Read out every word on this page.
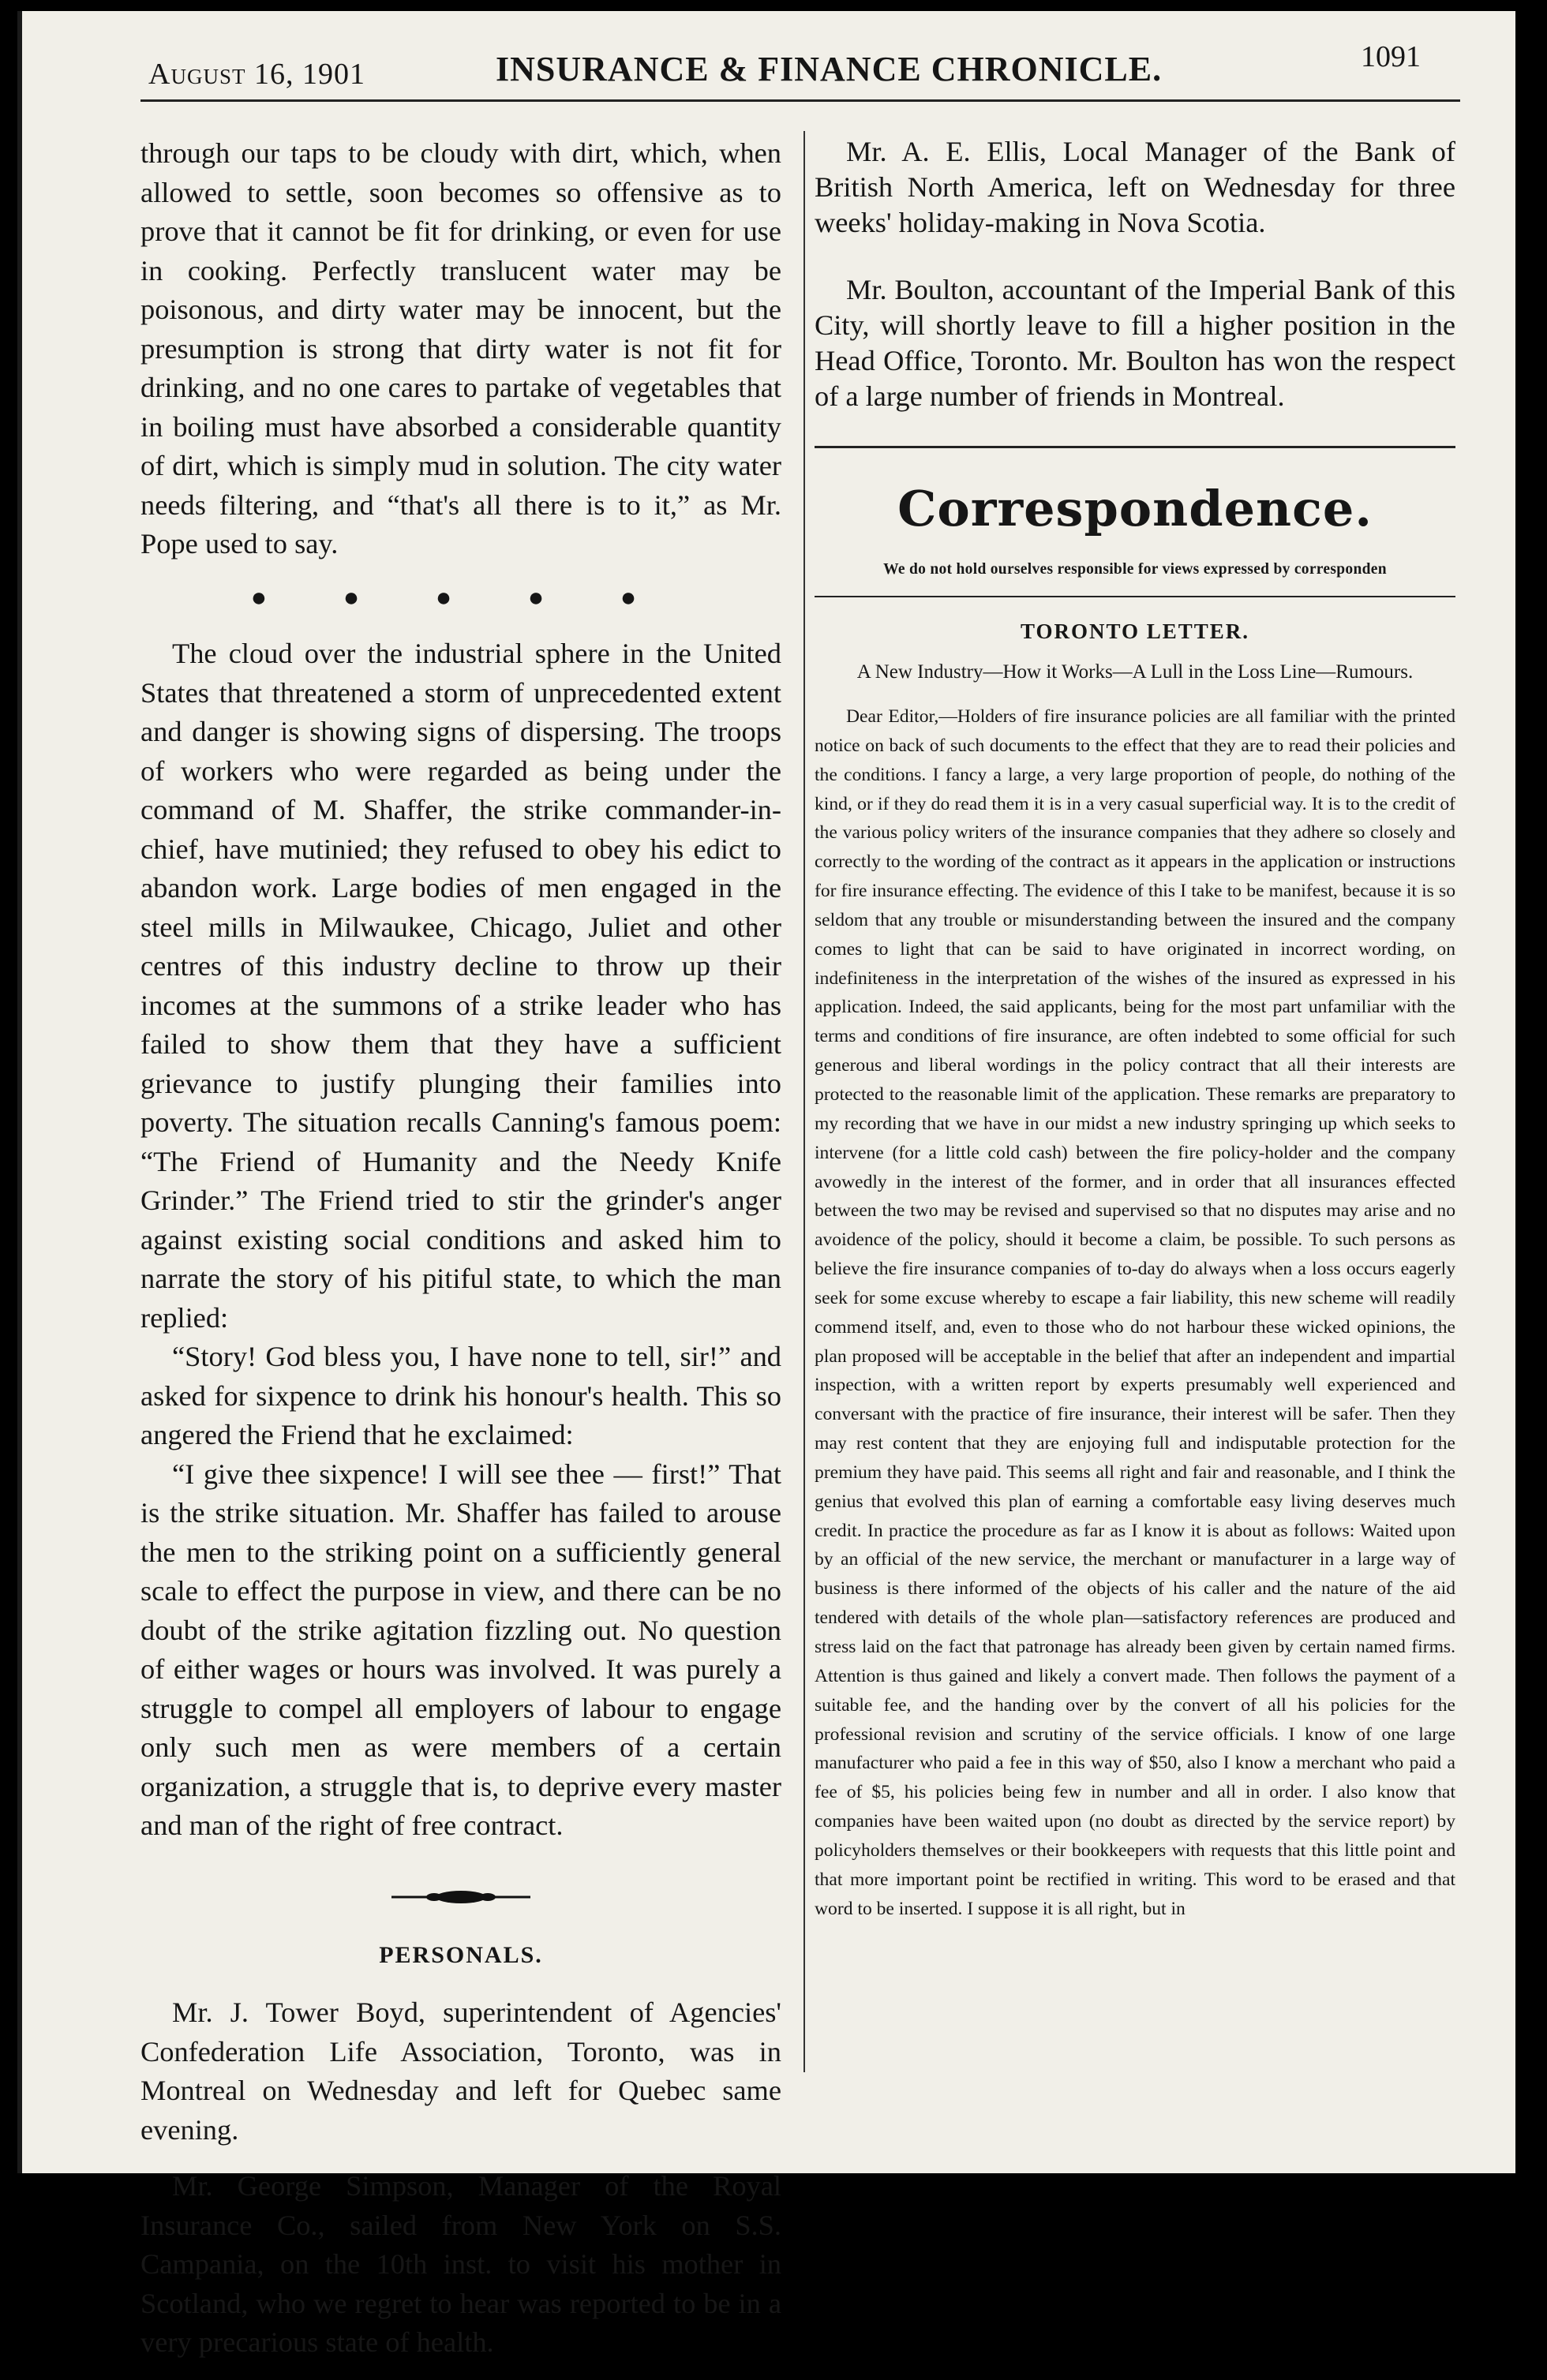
August 16, 1901	INSURANCE & FINANCE CHRONICLE.	1091

through our taps to be cloudy with dirt, which, when allowed to settle, soon becomes so offensive as to prove that it cannot be fit for drinking, or even for use in cooking. Perfectly translucent water may be poisonous, and dirty water may be innocent, but the presumption is strong that dirty water is not fit for drinking, and no one cares to partake of vegetables that in boiling must have absorbed a considerable quantity of dirt, which is simply mud in solution. The city water needs filtering, and “that's all there is to it,” as Mr. Pope used to say.

● ● ● ● ●

The cloud over the industrial sphere in the United States that threatened a storm of unprecedented extent and danger is showing signs of dispersing. The troops of workers who were regarded as being under the command of M. Shaffer, the strike commander-in-chief, have mutinied; they refused to obey his edict to abandon work. Large bodies of men engaged in the steel mills in Milwaukee, Chicago, Juliet and other centres of this industry decline to throw up their incomes at the summons of a strike leader who has failed to show them that they have a sufficient grievance to justify plunging their families into poverty. The situation recalls Canning's famous poem: “The Friend of Humanity and the Needy Knife Grinder.” The Friend tried to stir the grinder's anger against existing social conditions and asked him to narrate the story of his pitiful state, to which the man replied:

“Story! God bless you, I have none to tell, sir!” and asked for sixpence to drink his honour's health. This so angered the Friend that he exclaimed:

“I give thee sixpence! I will see thee — first!” That is the strike situation. Mr. Shaffer has failed to arouse the men to the striking point on a sufficiently general scale to effect the purpose in view, and there can be no doubt of the strike agitation fizzling out. No question of either wages or hours was involved. It was purely a struggle to compel all employers of labour to engage only such men as were members of a certain organization, a struggle that is, to deprive every master and man of the right of free contract.

PERSONALS.

Mr. J. Tower Boyd, superintendent of Agencies' Confederation Life Association, Toronto, was in Montreal on Wednesday and left for Quebec same evening.

Mr. George Simpson, Manager of the Royal Insurance Co., sailed from New York on S.S. Campania, on the 10th inst. to visit his mother in Scotland, who we regret to hear was reported to be in a very precarious state of health.

Mr. A. E. Ellis, Local Manager of the Bank of British North America, left on Wednesday for three weeks' holiday-making in Nova Scotia.

Mr. Boulton, accountant of the Imperial Bank of this City, will shortly leave to fill a higher position in the Head Office, Toronto. Mr. Boulton has won the respect of a large number of friends in Montreal.

Correspondence.
We do not hold ourselves responsible for views expressed by corresponden
TORONTO LETTER.
A New Industry—How it Works—A Lull in the Loss Line—Rumours.

Dear Editor,—Holders of fire insurance policies are all familiar with the printed notice on back of such documents to the effect that they are to read their policies and the conditions. I fancy a large, a very large proportion of people, do nothing of the kind, or if they do read them it is in a very casual superficial way. It is to the credit of the various policy writers of the insurance companies that they adhere so closely and correctly to the wording of the contract as it appears in the application or instructions for fire insurance effecting. The evidence of this I take to be manifest, because it is so seldom that any trouble or misunderstanding between the insured and the company comes to light that can be said to have originated in incorrect wording, on indefiniteness in the interpretation of the wishes of the insured as expressed in his application. Indeed, the said applicants, being for the most part unfamiliar with the terms and conditions of fire insurance, are often indebted to some official for such generous and liberal wordings in the policy contract that all their interests are protected to the reasonable limit of the application. These remarks are preparatory to my recording that we have in our midst a new industry springing up which seeks to intervene (for a little cold cash) between the fire policy-holder and the company avowedly in the interest of the former, and in order that all insurances effected between the two may be revised and supervised so that no disputes may arise and no avoidence of the policy, should it become a claim, be possible. To such persons as believe the fire insurance companies of to-day do always when a loss occurs eagerly seek for some excuse whereby to escape a fair liability, this new scheme will readily commend itself, and, even to those who do not harbour these wicked opinions, the plan proposed will be acceptable in the belief that after an independent and impartial inspection, with a written report by experts presumably well experienced and conversant with the practice of fire insurance, their interest will be safer. Then they may rest content that they are enjoying full and indisputable protection for the premium they have paid. This seems all right and fair and reasonable, and I think the genius that evolved this plan of earning a comfortable easy living deserves much credit. In practice the procedure as far as I know it is about as follows: Waited upon by an official of the new service, the merchant or manufacturer in a large way of business is there informed of the objects of his caller and the nature of the aid tendered with details of the whole plan—satisfactory references are produced and stress laid on the fact that patronage has already been given by certain named firms. Attention is thus gained and likely a convert made. Then follows the payment of a suitable fee, and the handing over by the convert of all his policies for the professional revision and scrutiny of the service officials. I know of one large manufacturer who paid a fee in this way of $50, also I know a merchant who paid a fee of $5, his policies being few in number and all in order. I also know that companies have been waited upon (no doubt as directed by the service report) by policyholders themselves or their bookkeepers with requests that this little point and that more important point be rectified in writing. This word to be erased and that word to be inserted. I suppose it is all right, but in
